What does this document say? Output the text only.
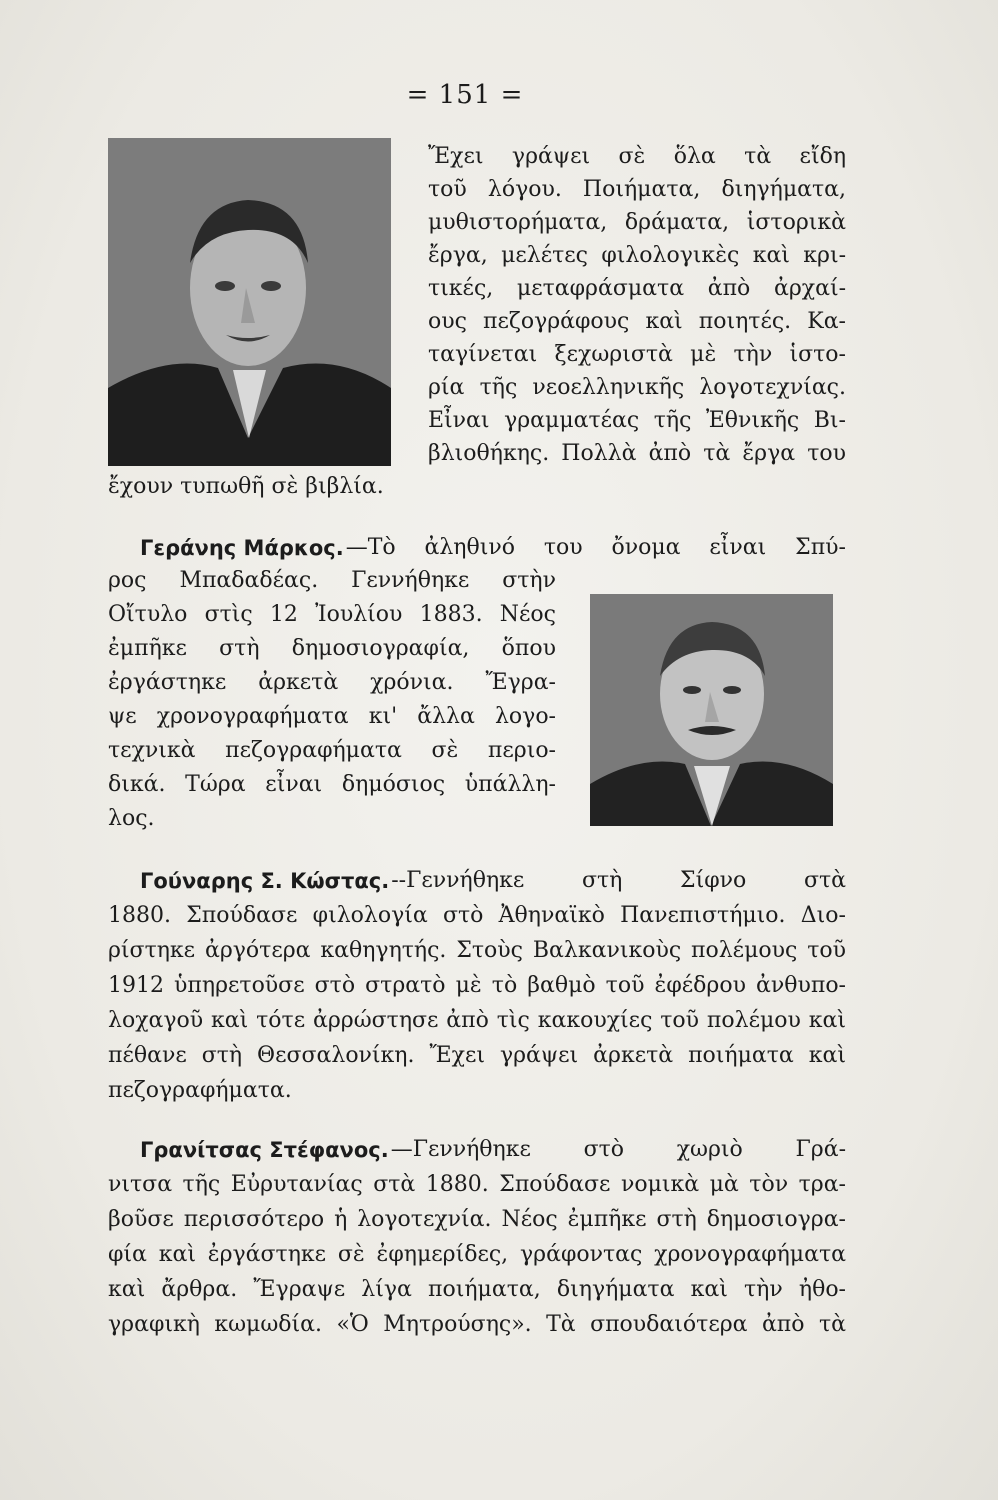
= 151 =
Ἔχει γράψει σὲ ὅλα τὰ εἴδη
τοῦ λόγου. Ποιήματα, διηγήματα,
μυθιστορήματα, δράματα, ἱστορικὰ
ἔργα, μελέτες φιλολογικὲς καὶ κρι-
τικές, μεταφράσματα ἀπὸ ἀρχαί-
ους πεζογράφους καὶ ποιητές. Κα-
ταγίνεται ξεχωριστὰ μὲ τὴν ἱστο-
ρία τῆς νεοελληνικῆς λογοτεχνίας.
Εἶναι γραμματέας τῆς Ἐθνικῆς Βι-
βλιοθήκης. Πολλὰ ἀπὸ τὰ ἔργα του
ἔχουν τυπωθῆ σὲ βιβλία.
Γεράνης Μάρκος. —Τὸ ἀληθινό του ὄνομα εἶναι Σπύ-
ρος Μπαδαδέας. Γεννήθηκε στὴν
Οἴτυλο στὶς 12 Ἰουλίου 1883. Νέος
ἐμπῆκε στὴ δημοσιογραφία, ὅπου
ἐργάστηκε ἀρκετὰ χρόνια. Ἔγρα-
ψε χρονογραφήματα κι' ἄλλα λογο-
τεχνικὰ πεζογραφήματα σὲ περιο-
δικά. Τώρα εἶναι δημόσιος ὑπάλλη-
λος.
Γούναρης Σ. Κώστας. --Γεννήθηκε στὴ Σίφνο στὰ
1880. Σπούδασε φιλολογία στὸ Ἀθηναϊκὸ Πανεπιστήμιο. Διο-
ρίστηκε ἀργότερα καθηγητής. Στοὺς Βαλκανικοὺς πολέμους τοῦ
1912 ὑπηρετοῦσε στὸ στρατὸ μὲ τὸ βαθμὸ τοῦ ἐφέδρου ἀνθυπο-
λοχαγοῦ καὶ τότε ἀρρώστησε ἀπὸ τὶς κακουχίες τοῦ πολέμου καὶ
πέθανε στὴ Θεσσαλονίκη. Ἔχει γράψει ἀρκετὰ ποιήματα καὶ
πεζογραφήματα.
Γρανίτσας Στέφανος. —Γεννήθηκε στὸ χωριὸ Γρά-
νιτσα τῆς Εὐρυτανίας στὰ 1880. Σπούδασε νομικὰ μὰ τὸν τρα-
βοῦσε περισσότερο ἡ λογοτεχνία. Νέος ἐμπῆκε στὴ δημοσιογρα-
φία καὶ ἐργάστηκε σὲ ἐφημερίδες, γράφοντας χρονογραφήματα
καὶ ἄρθρα. Ἔγραψε λίγα ποιήματα, διηγήματα καὶ τὴν ἠθο-
γραφικὴ κωμωδία. «Ὁ Μητρούσης». Τὰ σπουδαιότερα ἀπὸ τὰ
